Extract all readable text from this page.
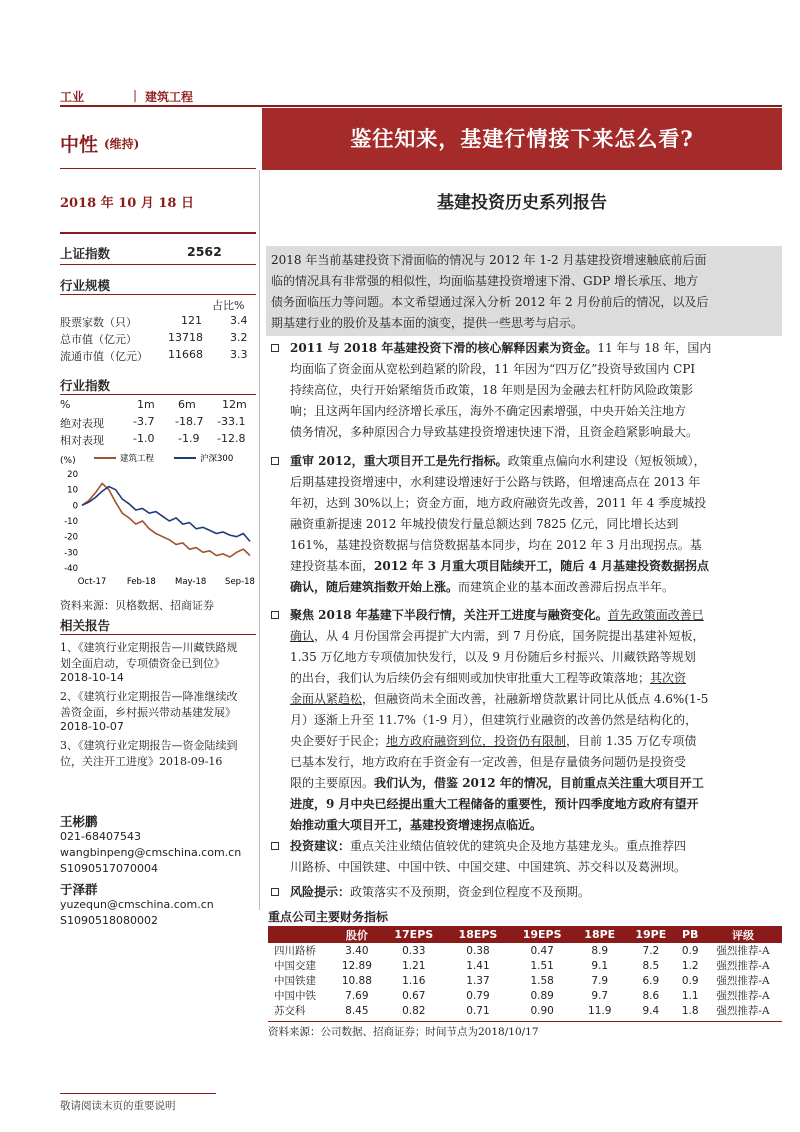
工业	| 建筑工程
中性 (维持)	鉴往知来，基建行情接下来怎么看?
2018 年 10 月 18 日	基建投资历史系列报告
上证指数	2562
行业规模
占比%
股票家数（只）	121	3.4
总市值（亿元）	13718 3.2
流通市值（亿元） 11668 3.3
行业指数
%	1m 6m 12m
绝对表现	-3.7 -18.7 -33.1
相对表现	-1.0 -1.9 -12.8
(%)	建筑工程	沪深300
20
10
0
-10
-20
-30
-40
Oct-17 Feb-18 May-18 Sep-18
资料来源：贝格数据、招商证券
相关报告
1、《建筑行业定期报告—川藏铁路规
划全面启动，专项债资金已到位》
2018-10-14
2、《建筑行业定期报告—降准继续改
善资金面，乡村振兴带动基建发展》
2018-10-07
3、《建筑行业定期报告—资金陆续到
位，关注开工进度》2018-09-16
王彬鹏
021-68407543
wangbinpeng@cmschina.com.cn
S1090517070004
于泽群
yuzequn@cmschina.com.cn
S1090518080002
2018 年当前基建投资下滑面临的情况与 2012 年 1-2 月基建投资增速触底前后面
临的情况具有非常强的相似性，均面临基建投资增速下滑、GDP 增长承压、地方
债务面临压力等问题。本文希望通过深入分析 2012 年 2 月份前后的情况，以及后
期基建行业的股价及基本面的演变，提供一些思考与启示。
2011 与 2018 年基建投资下滑的核心解释因素为资金。11 年与 18 年，国内
均面临了资金面从宽松到趋紧的阶段，11 年因为“四万亿”投资导致国内 CPI
持续高位，央行开始紧缩货币政策，18 年则是因为金融去杠杆防风险政策影
响；且这两年国内经济增长承压，海外不确定因素增强，中央开始关注地方
债务情况，多种原因合力导致基建投资增速快速下滑，且资金趋紧影响最大。
重审 2012，重大项目开工是先行指标。政策重点偏向水利建设（短板领域），
后期基建投资增速中，水利建设增速好于公路与铁路，但增速高点在 2013 年
年初，达到 30%以上；资金方面，地方政府融资先改善，2011 年 4 季度城投
融资重新提速 2012 年城投债发行量总额达到 7825 亿元，同比增长达到
161%，基建投资数据与信贷数据基本同步，均在 2012 年 3 月出现拐点。基
建投资基本面，2012 年 3 月重大项目陆续开工，随后 4 月基建投资数据拐点
确认，随后建筑指数开始上涨。而建筑企业的基本面改善滞后拐点半年。
聚焦 2018 年基建下半段行情，关注开工进度与融资变化。首先政策面改善已
确认，从 4 月份国常会再提扩大内需，到 7 月份底，国务院提出基建补短板，
1.35 万亿地方专项债加快发行，以及 9 月份随后乡村振兴、川藏铁路等规划
的出台，我们认为后续仍会有细则或加快审批重大工程等政策落地；其次资
金面从紧趋松，但融资尚未全面改善，社融新增贷款累计同比从低点 4.6%(1-5
月）逐渐上升至 11.7%（1-9 月），但建筑行业融资的改善仍然是结构化的，
央企要好于民企；地方政府融资到位，投资仍有限制，目前 1.35 万亿专项债
已基本发行，地方政府在手资金有一定改善，但是存量债务问题仍是投资受
限的主要原因。我们认为，借鉴 2012 年的情况，目前重点关注重大项目开工
进度，9 月中央已经提出重大工程储备的重要性，预计四季度地方政府有望开
始推动重大项目开工，基建投资增速拐点临近。
投资建议：重点关注业绩估值较优的建筑央企及地方基建龙头。重点推荐四
川路桥、中国铁建、中国中铁、中国交建、中国建筑、苏交科以及葛洲坝。
风险提示：政策落实不及预期，资金到位程度不及预期。
重点公司主要财务指标
	股价	17EPS	18EPS	19EPS	18PE	19PE	PB	评级
四川路桥	3.40	0.33	0.38	0.47	8.9	7.2	0.9	强烈推荐-A
中国交建	12.89	1.21	1.41	1.51	9.1	8.5	1.2	强烈推荐-A
中国铁建	10.88	1.16	1.37	1.58	7.9	6.9	0.9	强烈推荐-A
中国中铁	7.69	0.67	0.79	0.89	9.7	8.6	1.1	强烈推荐-A
苏交科	8.45	0.82	0.71	0.90	11.9	9.4	1.8	强烈推荐-A
资料来源：公司数据、招商证券；时间节点为2018/10/17
敬请阅读末页的重要说明
